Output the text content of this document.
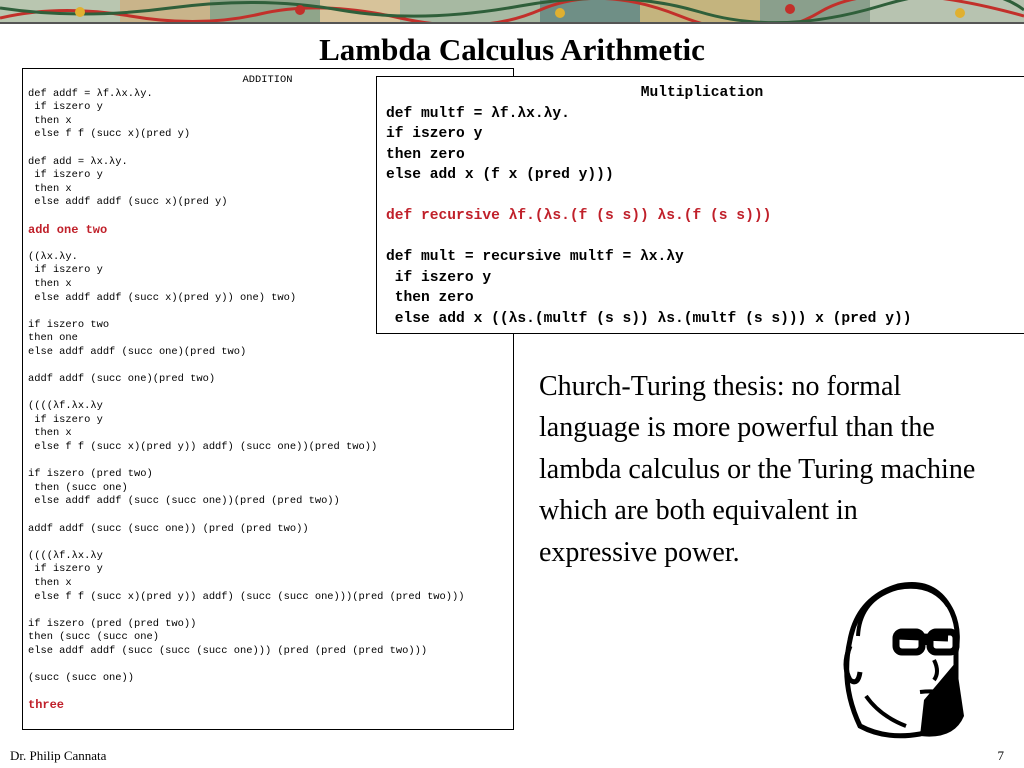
Lambda Calculus Arithmetic
ADDITION
def addf = λf.λx.λy.
if iszero y
then x
else f f (succ x)(pred y)
def add = λx.λy.
if iszero y
then x
else addf addf (succ x)(pred y)
add one two
((λx.λy.
if iszero y
then x
else addf addf (succ x)(pred y)) one) two)
if iszero two
then one
else addf addf (succ one)(pred two)
addf addf (succ one)(pred two)
((((λf.λx.λy
if iszero y
then x
else f f (succ x)(pred y)) addf) (succ one))(pred two))
if iszero (pred two)
then (succ one)
else addf addf (succ (succ one))(pred (pred two))
addf addf (succ (succ one)) (pred (pred two))
((((λf.λx.λy
if iszero y
then x
else f f (succ x)(pred y)) addf) (succ (succ one)))(pred (pred two)))
if iszero (pred (pred two))
then (succ (succ one)
else addf addf (succ (succ (succ one))) (pred (pred (pred two)))
(succ (succ one))
three
Multiplication
def multf = λf.λx.λy.
if iszero y
then zero
else add x (f x (pred y)))
def recursive λf.(λs.(f (s s)) λs.(f (s s)))
def mult = recursive multf = λx.λy
if iszero y
then zero
else add x ((λs.(multf (s s)) λs.(multf (s s))) x (pred y))
Church-Turing thesis: no formal language is more powerful than the lambda calculus or the Turing machine which are both equivalent in expressive power.
Dr. Philip Cannata	7
